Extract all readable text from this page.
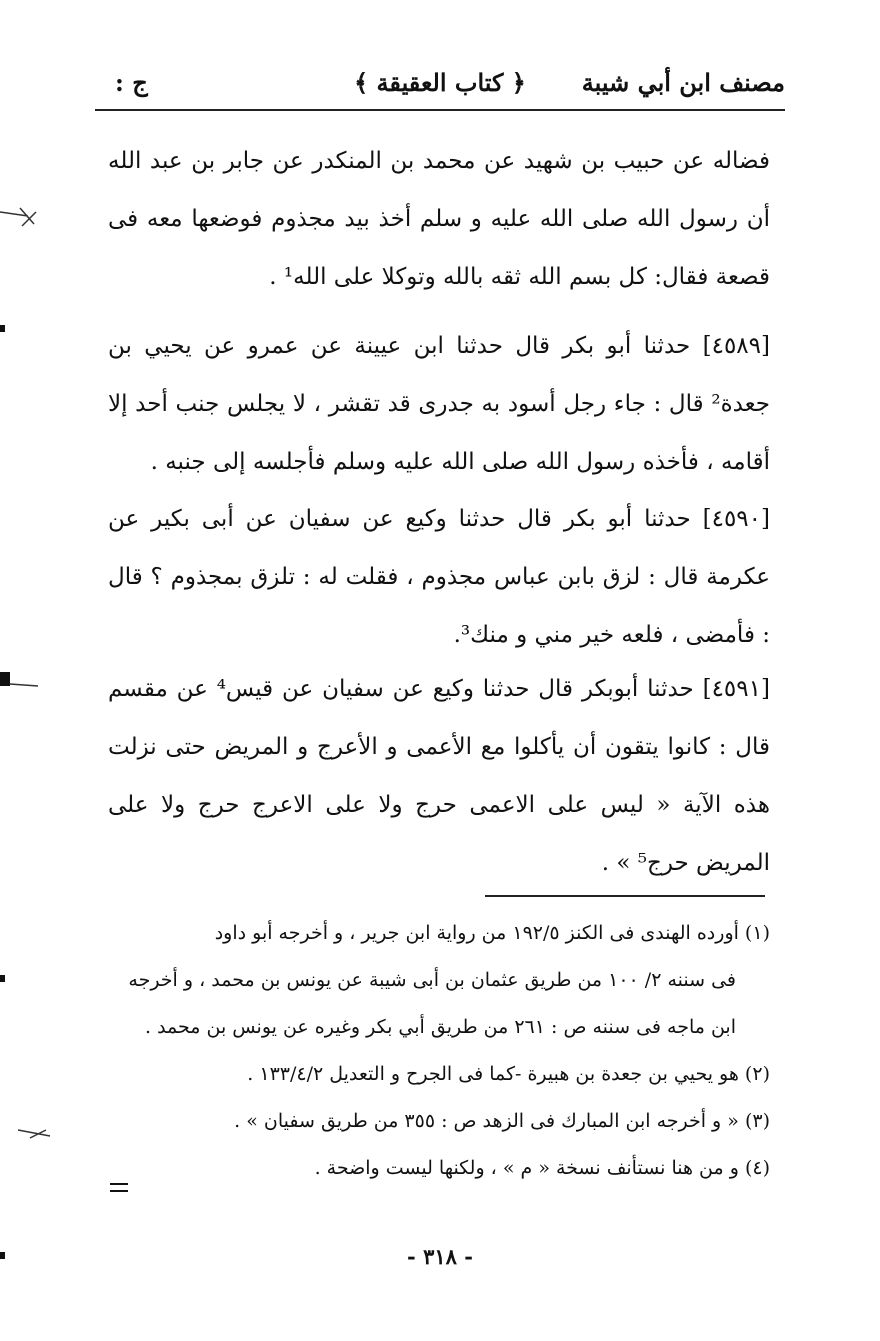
مصنف ابن أبي شيبة
﴿ كتاب العقيقة ﴾
ج :

فضاله عن حبيب بن شهيد عن محمد بن المنكدر عن جابر بن عبد الله أن رسول الله صلى الله عليه و سلم أخذ بيد مجذوم فوضعها معه فى قصعة فقال: كل بسم الله ثقه بالله وتوكلا على الله¹ .

[٤٥٨٩] حدثنا أبو بكر قال حدثنا ابن عيينة عن عمرو عن يحيي بن جعدة² قال : جاء رجل أسود به جدرى قد تقشر ، لا يجلس جنب أحد إلا أقامه ، فأخذه رسول الله صلى الله عليه وسلم فأجلسه إلى جنبه .

[٤٥٩٠] حدثنا أبو بكر قال حدثنا وكيع عن سفيان عن أبى بكير عن عكرمة قال : لزق بابن عباس مجذوم ، فقلت له : تلزق بمجذوم ؟ قال : فأمضى ، فلعه خير مني و منك³.

[٤٥٩١] حدثنا أبوبكر قال حدثنا وكيع عن سفيان عن قيس⁴ عن مقسم قال : كانوا يتقون أن يأكلوا مع الأعمى و الأعرج و المريض حتى نزلت هذه الآية « ليس على الاعمى حرج ولا على الاعرج حرج ولا على المريض حرج⁵ » .

(١) أورده الهندى فى الكنز ١٩٢/٥ من رواية ابن جرير ، و أخرجه أبو داود

فى سننه ٢/ ١٠٠ من طريق عثمان بن أبى شيبة عن يونس بن محمد ، و أخرجه

ابن ماجه فى سننه ص : ٢٦١ من طريق أبي بكر وغيره عن يونس بن محمد .

(٢) هو يحيي بن جعدة بن هبيرة -كما فى الجرح و التعديل ١٣٣/٤/٢ .

(٣) « و أخرجه ابن المبارك فى الزهد ص : ٣٥٥ من طريق سفيان » .

(٤) و من هنا نستأنف نسخة « م » ، ولكنها ليست واضحة .

- ٣١٨ -
